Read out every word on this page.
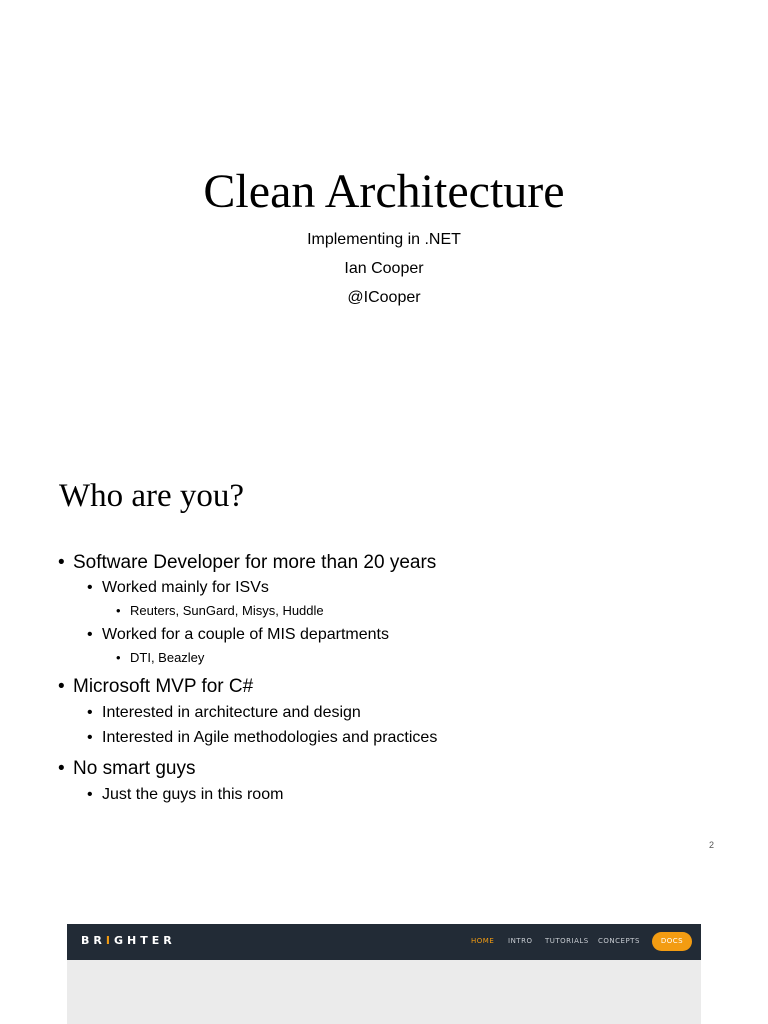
Clean Architecture
Implementing in .NET
Ian Cooper
@ICooper
Who are you?
• Software Developer for more than 20 years
• Worked mainly for ISVs
• Reuters, SunGard, Misys, Huddle
• Worked for a couple of MIS departments
• DTI, Beazley
• Microsoft MVP for C#
• Interested in architecture and design
• Interested in Agile methodologies and practices
• No smart guys
• Just the guys in this room
2
BRIGHTER	HOME INTRO TUTORIALS CONCEPTS	DOCS
